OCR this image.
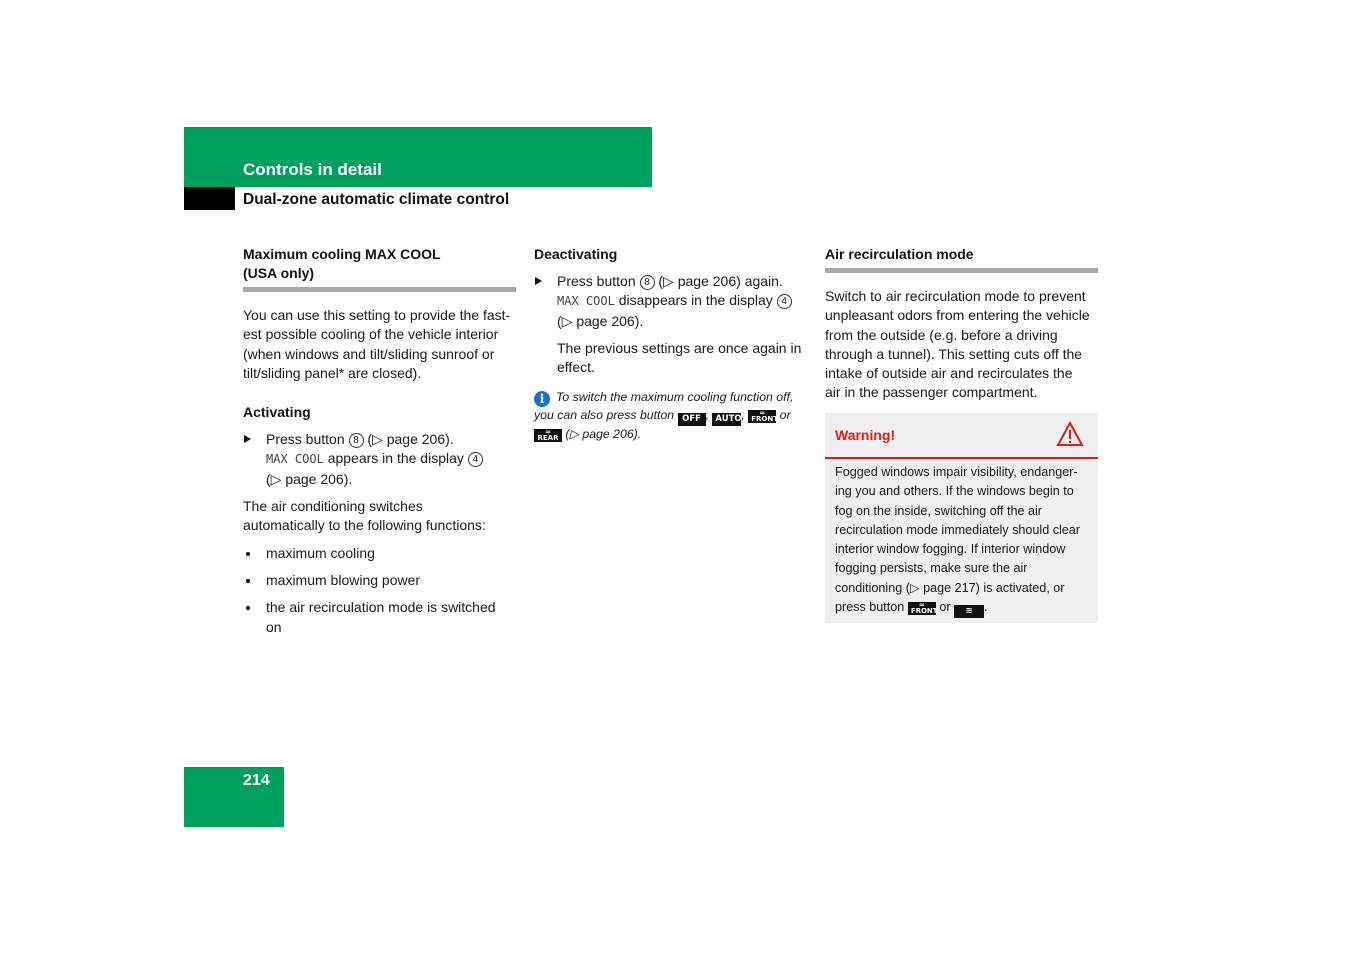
Controls in detail
Dual-zone automatic climate control
Maximum cooling MAX COOL
(USA only)

You can use this setting to provide the fast-
est possible cooling of the vehicle interior
(when windows and tilt/sliding sunroof or
tilt/sliding panel* are closed).

Activating
Press button 8 (▷ page 206).
MAX COOL appears in the display 4
(▷ page 206).

The air conditioning switches
automatically to the following functions:

maximum cooling
maximum blowing power
the air recirculation mode is switched
on
Deactivating
Press button 8 (▷ page 206) again.
MAX COOL disappears in the display 4
(▷ page 206).

The previous settings are once again in
effect.

i To switch the maximum cooling function off,
you can also press button OFF , AUTO, ≈
FRONT or
≈
REAR (▷ page 206).
Air recirculation mode

Switch to air recirculation mode to prevent
unpleasant odors from entering the vehicle
from the outside (e.g. before a driving
through a tunnel). This setting cuts off the
intake of outside air and recirculates the
air in the passenger compartment.

Warning!
Fogged windows impair visibility, endanger-
ing you and others. If the windows begin to
fog on the inside, switching off the air
recirculation mode immediately should clear
interior window fogging. If interior window
fogging persists, make sure the air
conditioning (▷ page 217) is activated, or
press button ≈
FRONT or ≋ .
214
